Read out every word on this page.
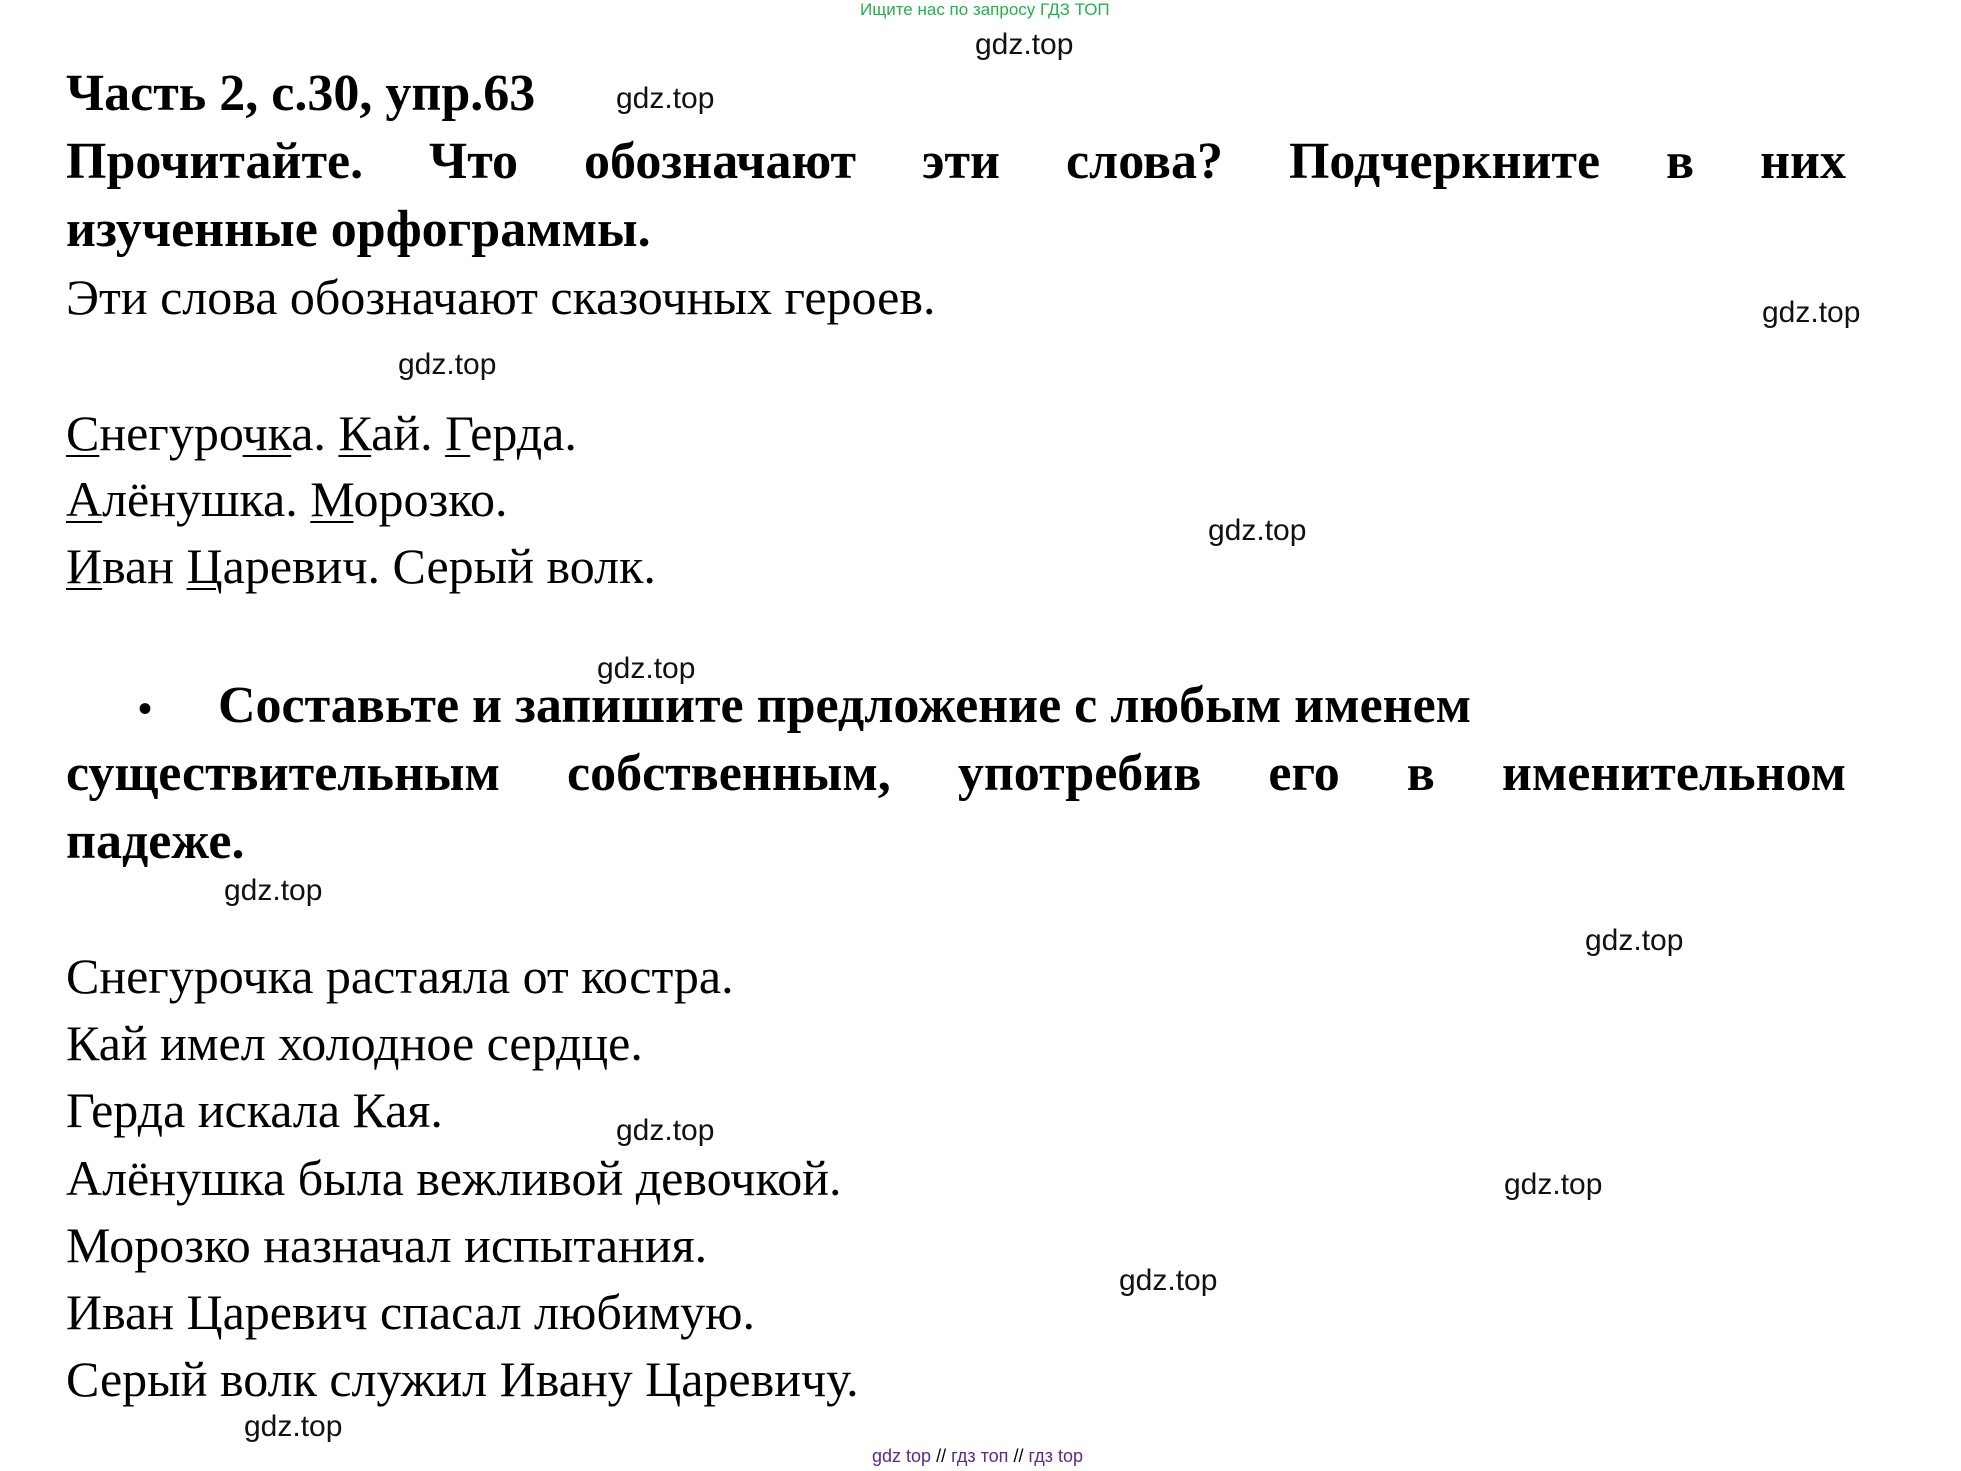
Ищите нас по запросу ГДЗ ТОП
gdz.top
gdz.top
gdz.top
gdz.top
gdz.top
gdz.top
gdz.top
gdz.top
gdz.top
gdz.top
gdz.top
gdz.top
Часть 2, с.30, упр.63
Прочитайте. Что обозначают эти слова? Подчеркните в них
изученные орфограммы.
Эти слова обозначают сказочных героев.
Снегурочка. Кай. Герда.
Алёнушка. Морозко.
Иван Царевич. Серый волк.
• Составьте и запишите предложение с любым именем
существительным собственным, употребив его в именительном
падеже.
Снегурочка растаяла от костра.
Кай имел холодное сердце.
Герда искала Кая.
Алёнушка была вежливой девочкой.
Морозко назначал испытания.
Иван Царевич спасал любимую.
Серый волк служил Ивану Царевичу.
gdz top // гдз топ // гдз top
